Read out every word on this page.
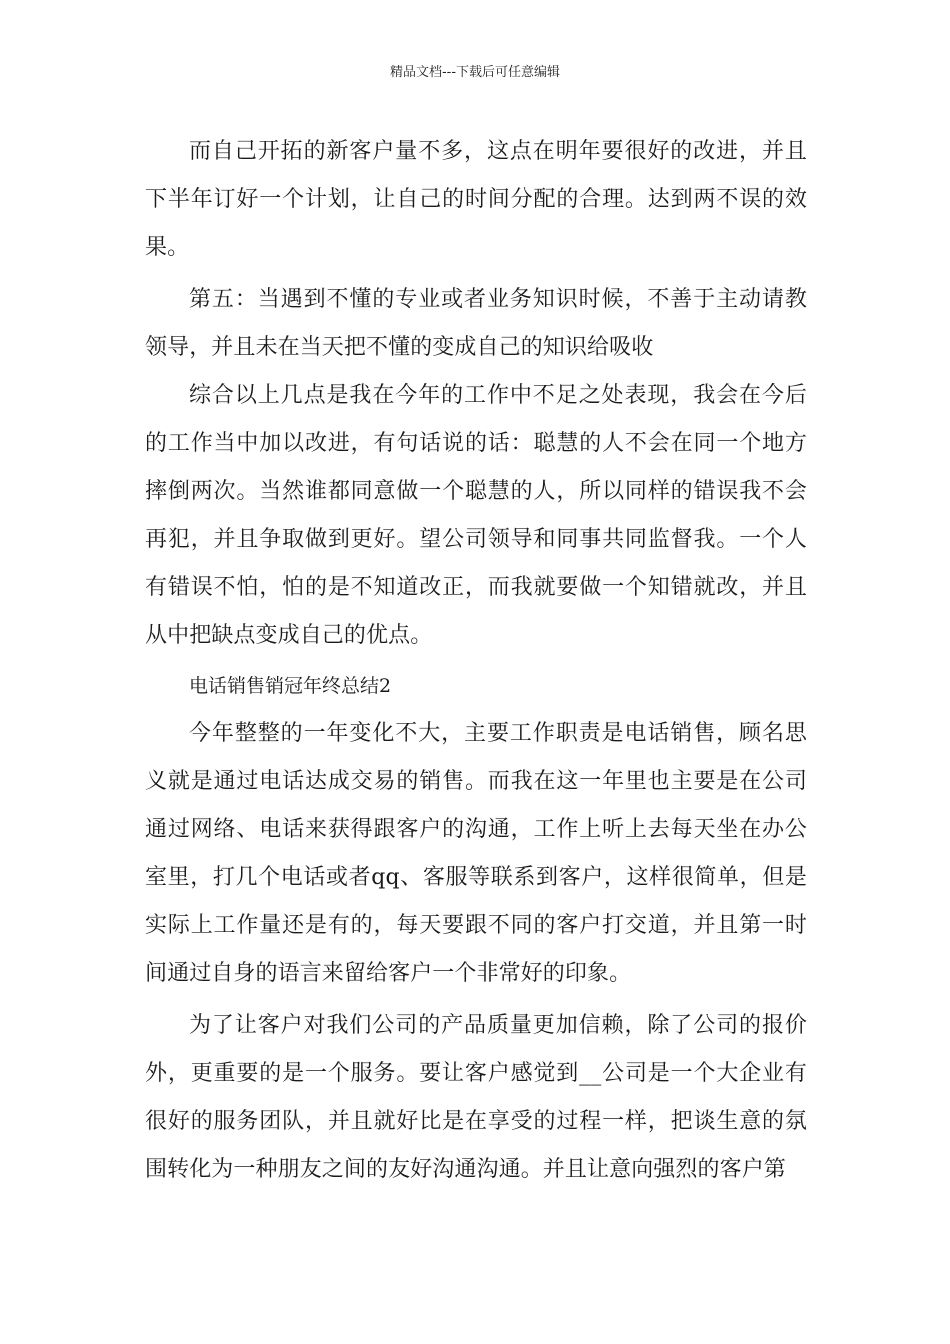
精品文档---下载后可任意编辑

而自己开拓的新客户量不多，这点在明年要很好的改进，并且下半年订好一个计划，让自己的时间分配的合理。达到两不误的效果。

第五：当遇到不懂的专业或者业务知识时候，不善于主动请教领导，并且未在当天把不懂的变成自己的知识给吸收

综合以上几点是我在今年的工作中不足之处表现，我会在今后的工作当中加以改进，有句话说的话：聪慧的人不会在同一个地方摔倒两次。当然谁都同意做一个聪慧的人，所以同样的错误我不会再犯，并且争取做到更好。望公司领导和同事共同监督我。一个人有错误不怕，怕的是不知道改正，而我就要做一个知错就改，并且从中把缺点变成自己的优点。

电话销售销冠年终总结2

今年整整的一年变化不大，主要工作职责是电话销售，顾名思义就是通过电话达成交易的销售。而我在这一年里也主要是在公司通过网络、电话来获得跟客户的沟通，工作上听上去每天坐在办公室里，打几个电话或者qq、客服等联系到客户，这样很简单，但是实际上工作量还是有的，每天要跟不同的客户打交道，并且第一时间通过自身的语言来留给客户一个非常好的印象。

为了让客户对我们公司的产品质量更加信赖，除了公司的报价外，更重要的是一个服务。要让客户感觉到__公司是一个大企业有很好的服务团队，并且就好比是在享受的过程一样，把谈生意的氛围转化为一种朋友之间的友好沟通沟通。并且让意向强烈的客户第
